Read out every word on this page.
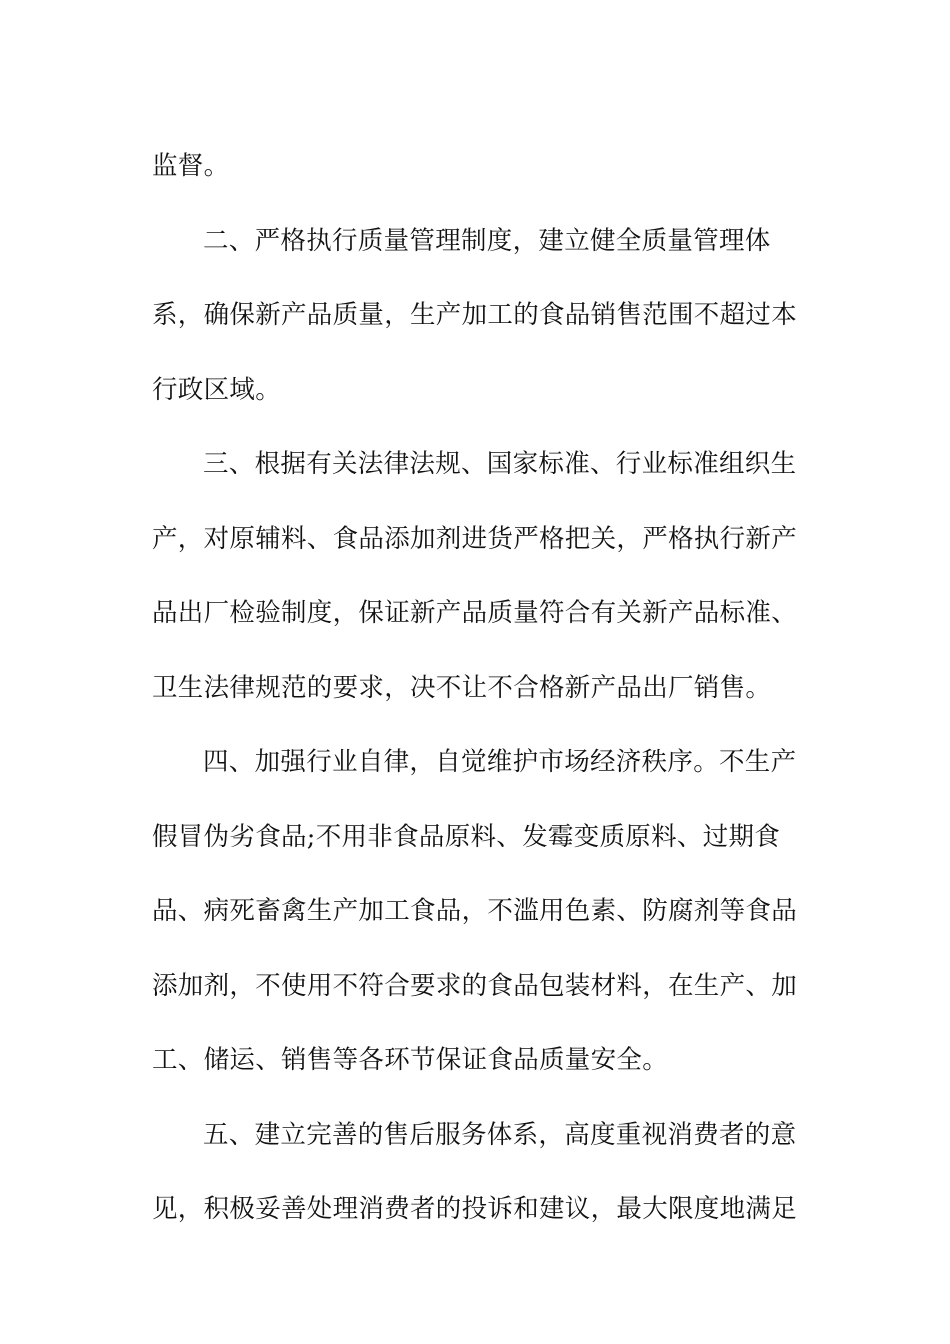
监督。
二、严格执行质量管理制度，建立健全质量管理体
系，确保新产品质量，生产加工的食品销售范围不超过本
行政区域。
三、根据有关法律法规、国家标准、行业标准组织生
产，对原辅料、食品添加剂进货严格把关，严格执行新产
品出厂检验制度，保证新产品质量符合有关新产品标准、
卫生法律规范的要求，决不让不合格新产品出厂销售。
四、加强行业自律，自觉维护市场经济秩序。不生产
假冒伪劣食品;不用非食品原料、发霉变质原料、过期食
品、病死畜禽生产加工食品，不滥用色素、防腐剂等食品
添加剂，不使用不符合要求的食品包装材料，在生产、加
工、储运、销售等各环节保证食品质量安全。
五、建立完善的售后服务体系，高度重视消费者的意
见，积极妥善处理消费者的投诉和建议，最大限度地满足
